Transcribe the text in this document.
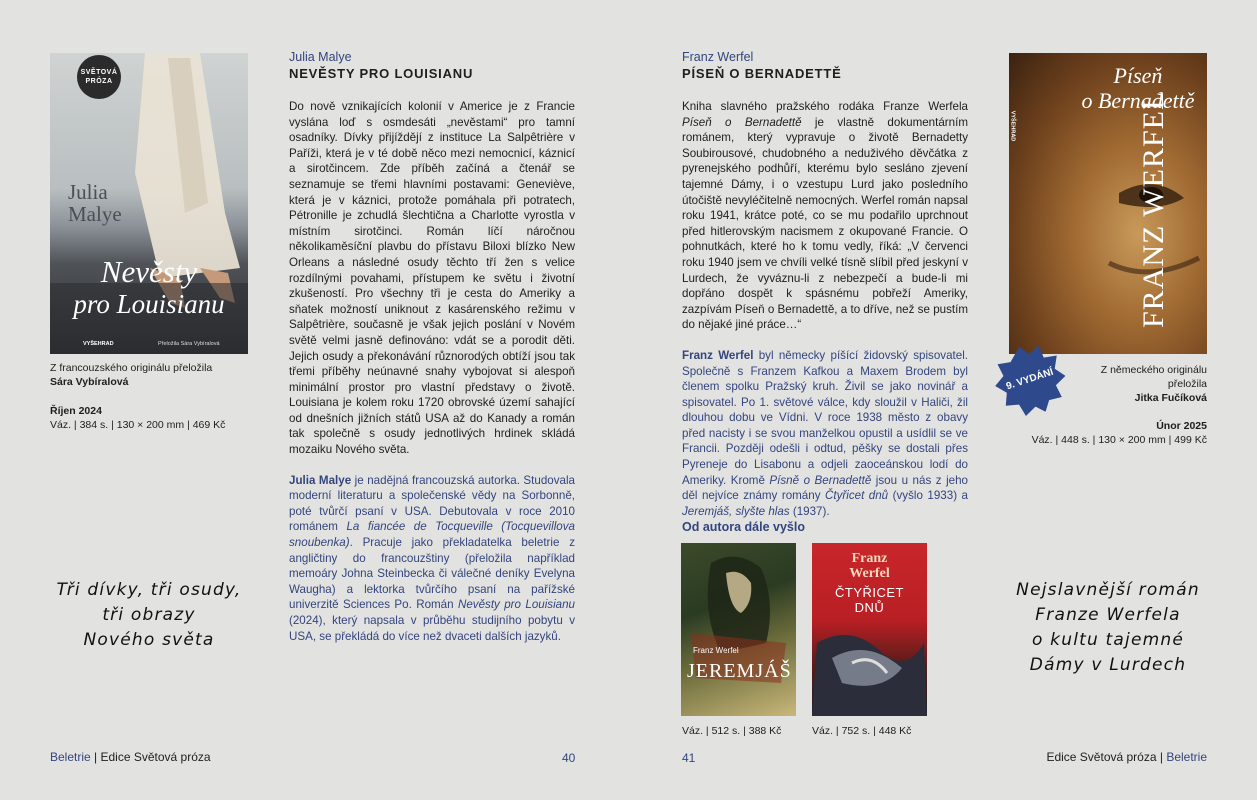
SVĚTOVÁ
PRÓZA
Julia
Malye
Nevěsty
pro Louisianu
VYŠEHRAD	Přeložila Sára Vybíralová
Z francouzského originálu přeložila
Sára Vybíralová
Říjen 2024
Váz. | 384 s. | 130 × 200 mm | 469 Kč
Tři dívky, tři osudy,
tři obrazy
Nového světa
Julia Malye
NEVĚSTY PRO LOUISIANU
Do nově vznikajících kolonií v Americe je z Francie vyslána loď s osmdesáti „nevěstami“ pro tamní osadníky. Dívky přijíždějí z instituce La Salpêtrière v Paříži, která je v té době něco mezi nemocnicí, káznicí a sirotčincem. Zde příběh začíná a čtenář se seznamuje se třemi hlavními postavami: Geneviève, která je v káznici, protože pomáhala při potratech, Pétronille je zchudlá šlechtična a Charlotte vyrostla v místním sirotčinci. Román líčí náročnou několikaměsíční plavbu do přístavu Biloxi blízko New Orleans a následné osudy těchto tří žen s velice rozdílnými povahami, přístupem ke světu i životní zkušeností. Pro všechny tři je cesta do Ameriky a sňatek možností uniknout z kasárenského režimu v Salpêtrière, současně je však jejich poslání v Novém světě velmi jasně definováno: vdát se a porodit děti. Jejich osudy a překonávání různorodých obtíží jsou tak třemi příběhy neúnavné snahy vybojovat si alespoň minimální prostor pro vlastní představy o životě. Louisiana je kolem roku 1720 obrovské území sahající od dnešních jižních států USA až do Kanady a román tak společně s osudy jednotlivých hrdinek skládá mozaiku Nového světa.
Julia Malye je nadějná francouzská autorka. Studovala moderní literaturu a společenské vědy na Sorbonně, poté tvůrčí psaní v USA. Debutovala v roce 2010 románem La fiancée de Tocqueville (Tocquevillova snoubenka). Pracuje jako překladatelka beletrie z angličtiny do francouzštiny (přeložila například memoáry Johna Steinbecka či válečné deníky Evelyna Waugha) a lektorka tvůrčího psaní na pařížské univerzitě Sciences Po. Román Nevěsty pro Louisianu (2024), který napsala v průběhu studijního pobytu v USA, se překládá do více než dvaceti dalších jazyků.
Beletrie | Edice Světová próza	40
Franz Werfel
PÍSEŇ O BERNADETTĚ
Kniha slavného pražského rodáka Franze Werfela Píseň o Bernadettě je vlastně dokumentárním románem, který vypravuje o životě Bernadetty Soubirousové, chudobného a neduživého děvčátka z pyrenejského podhůří, kterému bylo sesláno zjevení tajemné Dámy, i o vzestupu Lurd jako posledního útočiště nevyléčitelně nemocných. Werfel román napsal roku 1941, krátce poté, co se mu podařilo uprchnout před hitlerovským nacismem z okupované Francie. O pohnutkách, které ho k tomu vedly, říká: „V červenci roku 1940 jsem ve chvíli velké tísně slíbil před jeskyní v Lurdech, že vyváznu-li z nebezpečí a bude-li mi dopřáno dospět k spásnému pobřeží Ameriky, zazpívám Píseň o Bernadettě, a to dříve, než se pustím do nějaké jiné práce…“
Franz Werfel byl německy píšící židovský spisovatel. Společně s Franzem Kafkou a Maxem Brodem byl členem spolku Pražský kruh. Živil se jako novinář a spisovatel. Po 1. světové válce, kdy sloužil v Haliči, žil dlouhou dobu ve Vídni. V roce 1938 město z obavy před nacisty i se svou manželkou opustil a usídlil se ve Francii. Později odešli i odtud, pěšky se dostali přes Pyreneje do Lisabonu a odjeli zaoceánskou lodí do Ameriky. Kromě Písně o Bernadettě jsou u nás z jeho děl nejvíce známy romány Čtyřicet dnů (vyšlo 1933) a Jeremjáš, slyšte hlas (1937).
Od autora dále vyšlo
Franz Werfel
JEREMJÁŠ
Váz. | 512 s. | 388 Kč
Franz
Werfel
ČTYŘICET
DNŮ
Váz. | 752 s. | 448 Kč
Píseň
o Bernadettě
VYŠEHRAD	FRANZ WERFEL
9. VYDÁNÍ	Z německého originálu
přeložila
Jitka Fučíková
Únor 2025
Váz. | 448 s. | 130 × 200 mm | 499 Kč
Nejslavnější román
Franze Werfela
o kultu tajemné
Dámy v Lurdech
41	Edice Světová próza | Beletrie
